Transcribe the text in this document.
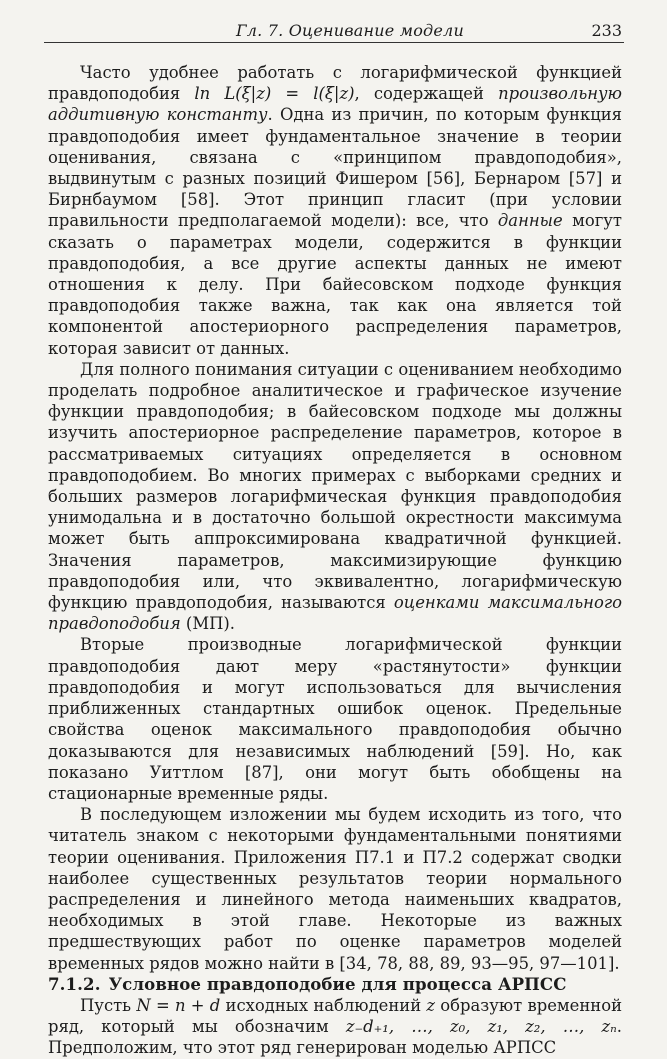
Гл. 7. Оценивание модели	233

Часто удобнее работать с логарифмической функцией правдоподобия ln L(ξ|z) = l(ξ|z), содержащей произвольную аддитивную константу. Одна из причин, по которым функция правдоподобия имеет фундаментальное значение в теории оценивания, связана с «принципом правдоподобия», выдвинутым с разных позиций Фишером [56], Бернаром [57] и Бирнбаумом [58]. Этот принцип гласит (при условии правильности предполагаемой модели): все, что данные могут сказать о параметрах модели, содержится в функции правдоподобия, а все другие аспекты данных не имеют отношения к делу. При байесовском подходе функция правдоподобия также важна, так как она является той компонентой апостериорного распределения параметров, которая зависит от данных.

Для полного понимания ситуации с оцениванием необходимо проделать подробное аналитическое и графическое изучение функции правдоподобия; в байесовском подходе мы должны изучить апостериорное распределение параметров, которое в рассматриваемых ситуациях определяется в основном правдоподобием. Во многих примерах с выборками средних и больших размеров логарифмическая функция правдоподобия унимодальна и в достаточно большой окрестности максимума может быть аппроксимирована квадратичной функцией. Значения параметров, максимизирующие функцию правдоподобия или, что эквивалентно, логарифмическую функцию правдоподобия, называются оценками максимального правдоподобия (МП).

Вторые производные логарифмической функции правдоподобия дают меру «растянутости» функции правдоподобия и могут использоваться для вычисления приближенных стандартных ошибок оценок. Предельные свойства оценок максимального правдоподобия обычно доказываются для независимых наблюдений [59]. Но, как показано Уиттлом [87], они могут быть обобщены на стационарные временные ряды.

В последующем изложении мы будем исходить из того, что читатель знаком с некоторыми фундаментальными понятиями теории оценивания. Приложения П7.1 и П7.2 содержат сводки наиболее существенных результатов теории нормального распределения и линейного метода наименьших квадратов, необходимых в этой главе. Некоторые из важных предшествующих работ по оценке параметров моделей временных рядов можно найти в [34, 78, 88, 89, 93—95, 97—101].

7.1.2. Условное правдоподобие для процесса АРПСС

Пусть N = n + d исходных наблюдений z образуют временной ряд, который мы обозначим z₋d₊₁, …, z₀, z₁, z₂, …, zₙ. Предположим, что этот ряд генерирован моделью АРПСС
